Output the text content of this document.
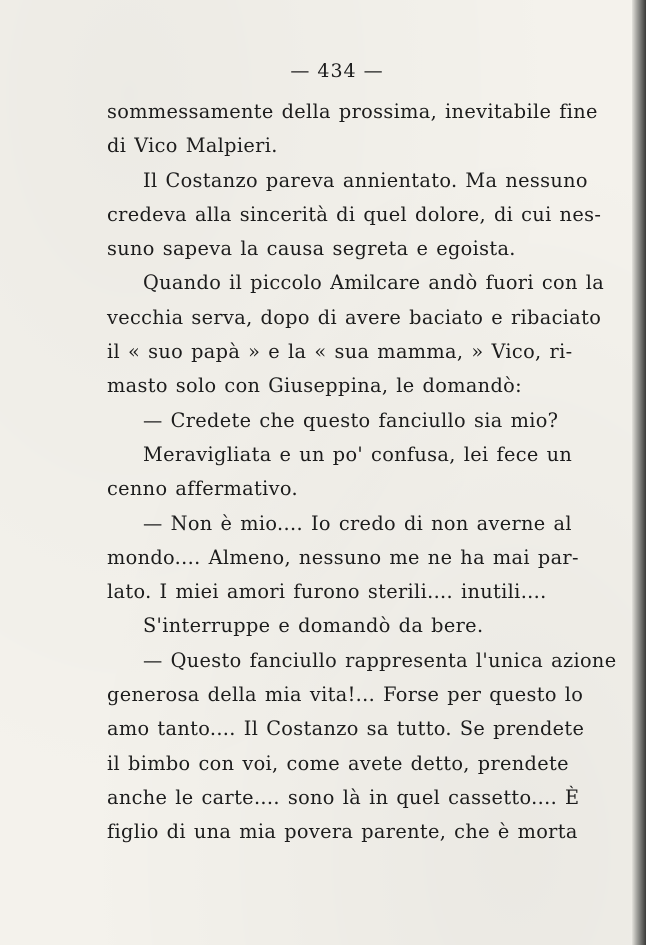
— 434 —
sommessamente della prossima, inevitabile fine
di Vico Malpieri.
Il Costanzo pareva annientato. Ma nessuno
credeva alla sincerità di quel dolore, di cui nes-
suno sapeva la causa segreta e egoista.
Quando il piccolo Amilcare andò fuori con la
vecchia serva, dopo di avere baciato e ribaciato
il « suo papà » e la « sua mamma, » Vico, ri-
masto solo con Giuseppina, le domandò:
— Credete che questo fanciullo sia mio?
Meravigliata e un po' confusa, lei fece un
cenno affermativo.
— Non è mio.... Io credo di non averne al
mondo.... Almeno, nessuno me ne ha mai par-
lato. I miei amori furono sterili.... inutili....
S'interruppe e domandò da bere.
— Questo fanciullo rappresenta l'unica azione
generosa della mia vita!... Forse per questo lo
amo tanto.... Il Costanzo sa tutto. Se prendete
il bimbo con voi, come avete detto, prendete
anche le carte.... sono là in quel cassetto.... È
figlio di una mia povera parente, che è morta
